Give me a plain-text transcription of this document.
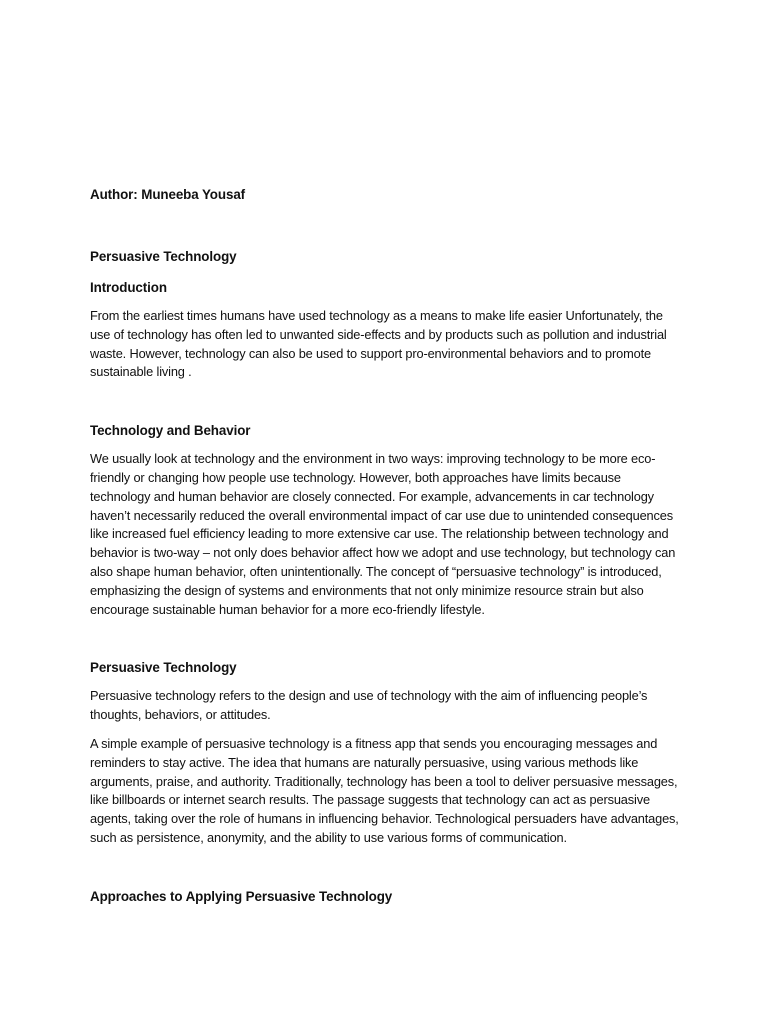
Author: Muneeba Yousaf
Persuasive Technology
Introduction

From the earliest times humans have used technology as a means to make life easier Unfortunately, the use of technology has often led to unwanted side-effects and by products such as pollution and industrial waste. However, technology can also be used to support pro-environmental behaviors and to promote sustainable living .

Technology and Behavior

We usually look at technology and the environment in two ways: improving technology to be more eco-friendly or changing how people use technology. However, both approaches have limits because technology and human behavior are closely connected. For example, advancements in car technology haven’t necessarily reduced the overall environmental impact of car use due to unintended consequences like increased fuel efficiency leading to more extensive car use. The relationship between technology and behavior is two-way – not only does behavior affect how we adopt and use technology, but technology can also shape human behavior, often unintentionally. The concept of “persuasive technology” is introduced, emphasizing the design of systems and environments that not only minimize resource strain but also encourage sustainable human behavior for a more eco-friendly lifestyle.

Persuasive Technology

Persuasive technology refers to the design and use of technology with the aim of influencing people’s thoughts, behaviors, or attitudes.

A simple example of persuasive technology is a fitness app that sends you encouraging messages and reminders to stay active. The idea that humans are naturally persuasive, using various methods like arguments, praise, and authority. Traditionally, technology has been a tool to deliver persuasive messages, like billboards or internet search results. The passage suggests that technology can act as persuasive agents, taking over the role of humans in influencing behavior. Technological persuaders have advantages, such as persistence, anonymity, and the ability to use various forms of communication.

Approaches to Applying Persuasive Technology
